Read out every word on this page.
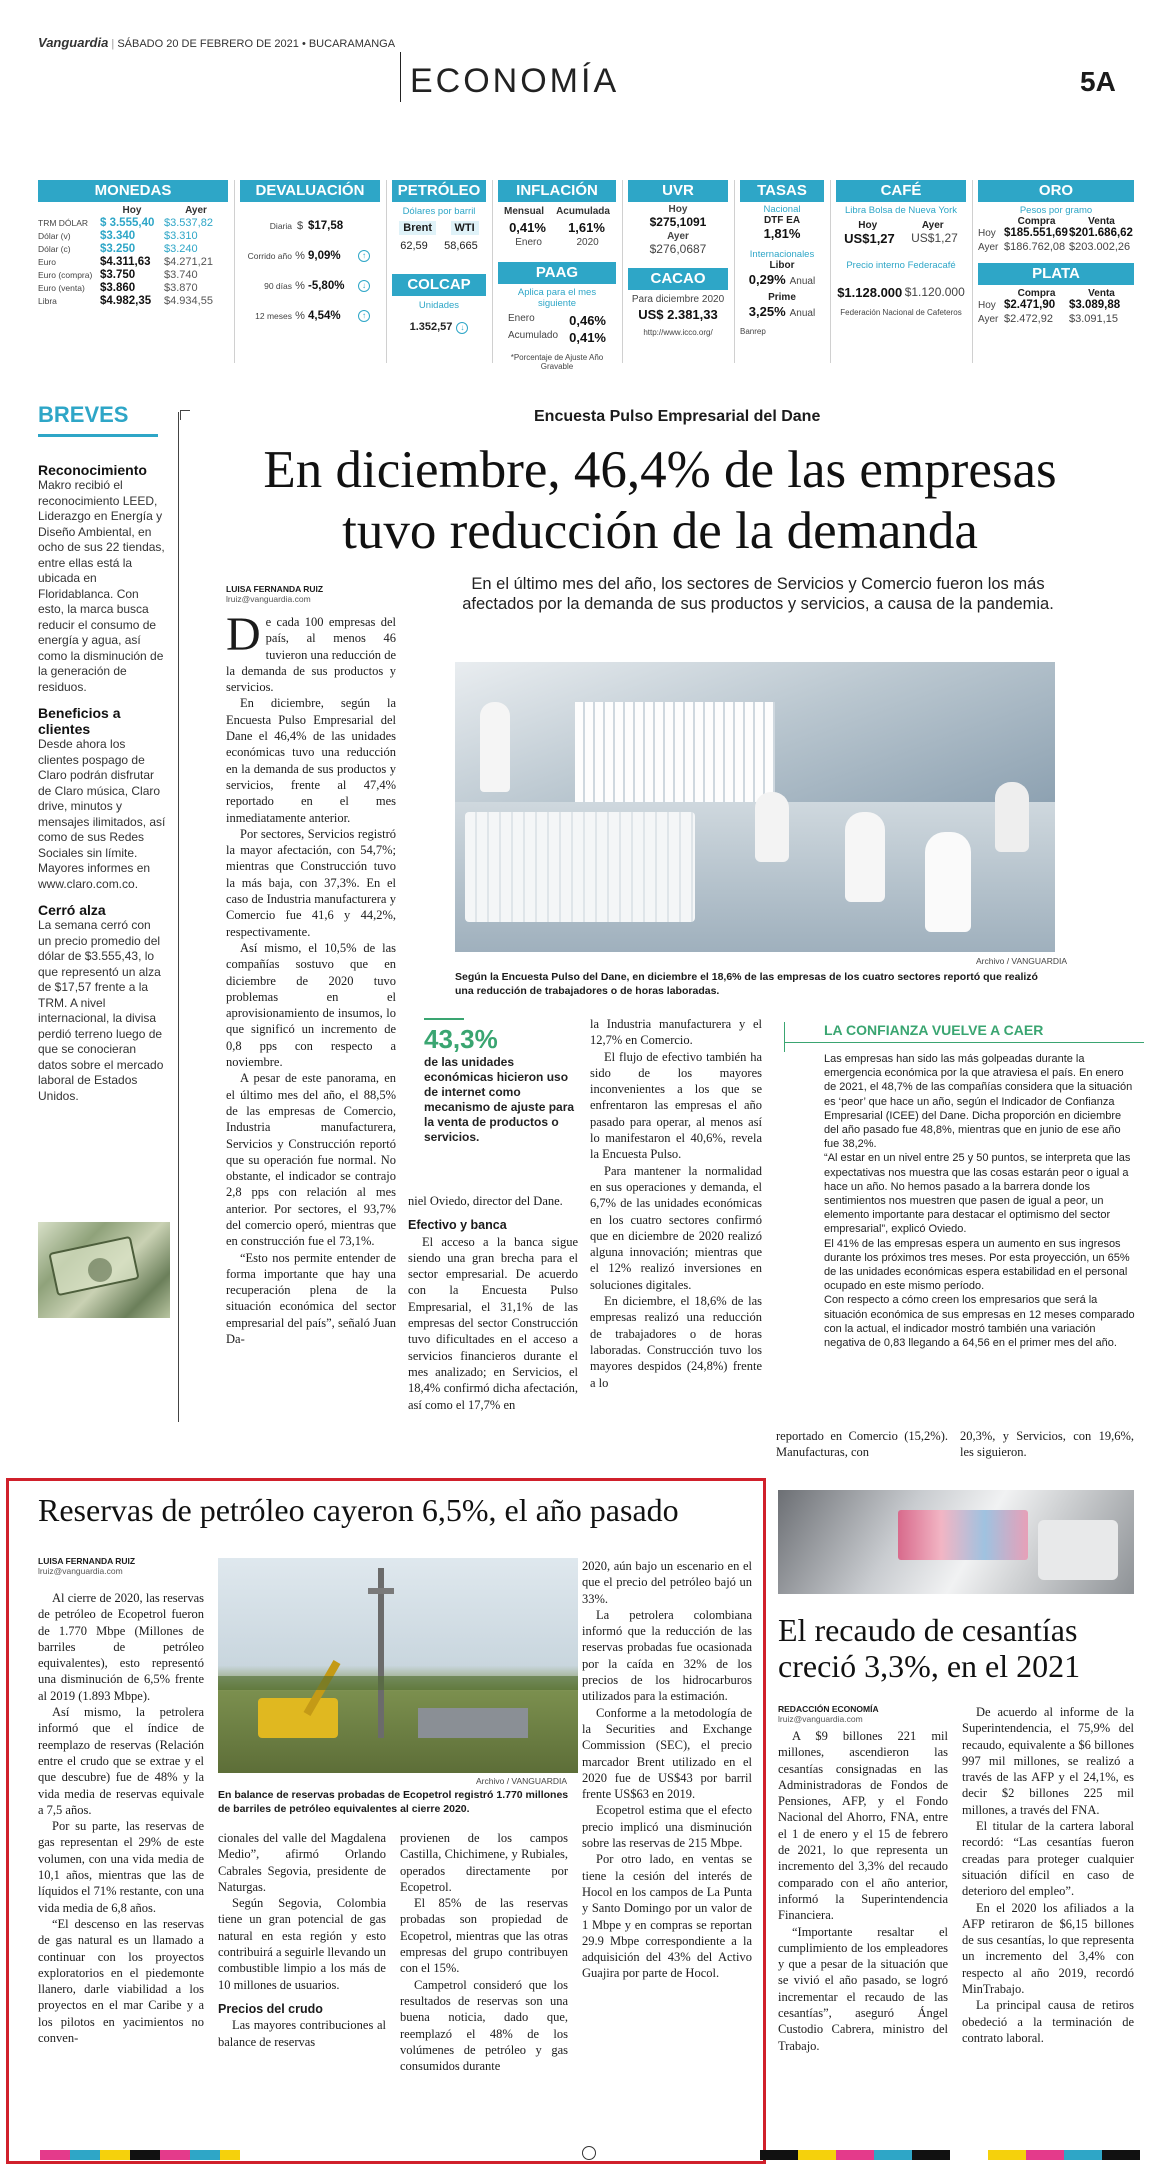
Vanguardia | SÁBADO 20 DE FEBRERO DE 2021 • BUCARAMANGA
ECONOMÍA	5A
MONEDAS
Hoy	Ayer
TRM DÓLAR	$ 3.555,40 $3.537,82
Dólar (v)	$3.340	$3.310
Dólar (c)	$3.250	$3.240
Euro	$4.311,63	$4.271,21
Euro (compra) $3.750	$3.740
Euro (venta)	$3.860	$3.870
Libra	$4.982,35	$4.934,55
DEVALUACIÓN
Diaria $ $17,58
Corrido año % 9,09%	↑
90 días % -5,80%	↓
12 meses % 4,54%	↑
PETRÓLEO
Dólares por barril
Brent	WTI
62,59 58,665
COLCAP
Unidades
1.352,57 ↓
INFLACIÓN
Mensual Acumulada
0,41% 1,61%
Enero	2020
PAAG
Aplica para el mes siguiente
Enero	0,46%
Acumulado 0,41%
*Porcentaje de Ajuste Año Gravable
UVR
Hoy
$275,1091
Ayer
$276,0687
CACAO
Para diciembre 2020
US$ 2.381,33
http://www.icco.org/
TASAS
Nacional
DTF EA
1,81%
Internacionales
Libor
0,29% Anual
Prime
3,25% Anual
Banrep
CAFÉ
Libra Bolsa de Nueva York
Hoy	Ayer
US$1,27 US$1,27
Precio interno Federacafé
$1.128.000 $1.120.000
Federación Nacional de Cafeteros
ORO
Pesos por gramo
Compra	Venta
Hoy $185.551,69 $201.686,62
Ayer $186.762,08 $203.002,26
PLATA
Compra	Venta
Hoy $2.471,90	$3.089,88
Ayer $2.472,92	$3.091,15
BREVES
Reconocimiento

Makro recibió el reconocimiento LEED, Liderazgo en Energía y Diseño Ambiental, en ocho de sus 22 tiendas, entre ellas está la ubicada en Floridablanca. Con esto, la marca busca reducir el consumo de energía y agua, así como la disminución de la generación de residuos.

Beneficios a clientes

Desde ahora los clientes pospago de Claro podrán disfrutar de Claro música, Claro drive, minutos y mensajes ilimitados, así como de sus Redes Sociales sin límite. Mayores informes en www.claro.com.co.

Cerró alza

La semana cerró con un precio promedio del dólar de $3.555,43, lo que representó un alza de $17,57 frente a la TRM. A nivel internacional, la divisa perdió terreno luego de que se conocieran datos sobre el mercado laboral de Estados Unidos.

Encuesta Pulso Empresarial del Dane
En diciembre, 46,4% de las empresas
tuvo reducción de la demanda
En el último mes del año, los sectores de Servicios y Comercio fueron los más afectados por la demanda de sus productos y servicios, a causa de la pandemia.
LUISA FERNANDA RUIZ
lruiz@vanguardia.com

De cada 100 empresas del país, al menos 46 tuvieron una reducción de la demanda de sus productos y servicios.

En diciembre, según la Encuesta Pulso Empresarial del Dane el 46,4% de las unidades económicas tuvo una reducción en la demanda de sus productos y servicios, frente al 47,4% reportado en el mes inmediatamente anterior.

Por sectores, Servicios registró la mayor afectación, con 54,7%; mientras que Construcción tuvo la más baja, con 37,3%. En el caso de Industria manufacturera y Comercio fue 41,6 y 44,2%, respectivamente.

Así mismo, el 10,5% de las compañías sostuvo que en diciembre de 2020 tuvo problemas en el aprovisionamiento de insumos, lo que significó un incremento de 0,8 pps con respecto a noviembre.

A pesar de este panorama, en el último mes del año, el 88,5% de las empresas de Comercio, Industria manufacturera, Servicios y Construcción reportó que su operación fue normal. No obstante, el indicador se contrajo 2,8 pps con relación al mes anterior. Por sectores, el 93,7% del comercio operó, mientras que en construcción fue el 73,1%.

“Esto nos permite entender de forma importante que hay una recuperación plena de la situación económica del sector empresarial del país”, señaló Juan Da-

Archivo / VANGUARDIA
Según la Encuesta Pulso del Dane, en diciembre el 18,6% de las empresas de los cuatro sectores reportó que realizó una reducción de trabajadores o de horas laboradas.
43,3%
de las unidades económicas hicieron uso de internet como mecanismo de ajuste para la venta de productos o servicios.

niel Oviedo, director del Dane.

Efectivo y banca

El acceso a la banca sigue siendo una gran brecha para el sector empresarial. De acuerdo con la Encuesta Pulso Empresarial, el 31,1% de las empresas del sector Construcción tuvo dificultades en el acceso a servicios financieros durante el mes analizado; en Servicios, el 18,4% confirmó dicha afectación, así como el 17,7% en

la Industria manufacturera y el 12,7% en Comercio.

El flujo de efectivo también ha sido de los mayores inconvenientes a los que se enfrentaron las empresas el año pasado para operar, al menos así lo manifestaron el 40,6%, revela la Encuesta Pulso.

Para mantener la normalidad en sus operaciones y demanda, el 6,7% de las unidades económicas en los cuatro sectores confirmó que en diciembre de 2020 realizó alguna innovación; mientras que el 12% realizó inversiones en soluciones digitales.

En diciembre, el 18,6% de las empresas realizó una reducción de trabajadores o de horas laboradas. Construcción tuvo los mayores despidos (24,8%) frente a lo

LA CONFIANZA VUELVE A CAER

Las empresas han sido las más golpeadas durante la emergencia económica por la que atraviesa el país. En enero de 2021, el 48,7% de las compañías considera que la situación es ‘peor’ que hace un año, según el Indicador de Confianza Empresarial (ICEE) del Dane. Dicha proporción en diciembre del año pasado fue 48,8%, mientras que en junio de ese año fue 38,2%.

“Al estar en un nivel entre 25 y 50 puntos, se interpreta que las expectativas nos muestra que las cosas estarán peor o igual a hace un año. No hemos pasado a la barrera donde los sentimientos nos muestren que pasen de igual a peor, un elemento importante para destacar el optimismo del sector empresarial”, explicó Oviedo.

El 41% de las empresas espera un aumento en sus ingresos durante los próximos tres meses. Por esta proyección, un 65% de las unidades económicas espera estabilidad en el personal ocupado en este mismo período.

Con respecto a cómo creen los empresarios que será la situación económica de sus empresas en 12 meses comparado con la actual, el indicador mostró también una variación negativa de 0,83 llegando a 64,56 en el primer mes del año.

reportado en Comercio (15,2%). Manufacturas, con

20,3%, y Servicios, con 19,6%, les siguieron.

Reservas de petróleo cayeron 6,5%, el año pasado
LUISA FERNANDA RUIZ
lruiz@vanguardia.com

Al cierre de 2020, las reservas de petróleo de Ecopetrol fueron de 1.770 Mbpe (Millones de barriles de petróleo equivalentes), esto representó una disminución de 6,5% frente al 2019 (1.893 Mbpe).

Así mismo, la petrolera informó que el índice de reemplazo de reservas (Relación entre el crudo que se extrae y el que descubre) fue de 48% y la vida media de reservas equivale a 7,5 años.

Por su parte, las reservas de gas representan el 29% de este volumen, con una vida media de 10,1 años, mientras que las de líquidos el 71% restante, con una vida media de 6,8 años.

“El descenso en las reservas de gas natural es un llamado a continuar con los proyectos exploratorios en el piedemonte llanero, darle viabilidad a los proyectos en el mar Caribe y a los pilotos en yacimientos no conven-

Archivo / VANGUARDIA
En balance de reservas probadas de Ecopetrol registró 1.770 millones de barriles de petróleo equivalentes al cierre 2020.

cionales del valle del Magdalena Medio”, afirmó Orlando Cabrales Segovia, presidente de Naturgas.

Según Segovia, Colombia tiene un gran potencial de gas natural en esta región y esto contribuirá a seguirle llevando un combustible limpio a los más de 10 millones de usuarios.

Precios del crudo

Las mayores contribuciones al balance de reservas

provienen de los campos Castilla, Chichimene, y Rubiales, operados directamente por Ecopetrol.

El 85% de las reservas probadas son propiedad de Ecopetrol, mientras que las otras empresas del grupo contribuyen con el 15%.

Campetrol consideró que los resultados de reservas son una buena noticia, dado que, reemplazó el 48% de los volúmenes de petróleo y gas consumidos durante

2020, aún bajo un escenario en el que el precio del petróleo bajó un 33%.

La petrolera colombiana informó que la reducción de las reservas probadas fue ocasionada por la caída en 32% de los precios de los hidrocarburos utilizados para la estimación.

Conforme a la metodología de la Securities and Exchange Commission (SEC), el precio marcador Brent utilizado en el 2020 fue de US$43 por barril frente US$63 en 2019.

Ecopetrol estima que el efecto precio implicó una disminución sobre las reservas de 215 Mbpe.

Por otro lado, en ventas se tiene la cesión del interés de Hocol en los campos de La Punta y Santo Domingo por un valor de 1 Mbpe y en compras se reportan 29.9 Mbpe correspondiente a la adquisición del 43% del Activo Guajira por parte de Hocol.

El recaudo de cesantías
creció 3,3%, en el 2021
REDACCIÓN ECONOMÍA
lruiz@vanguardia.com

A $9 billones 221 mil millones, ascendieron las cesantías consignadas en las Administradoras de Fondos de Pensiones, AFP, y el Fondo Nacional del Ahorro, FNA, entre el 1 de enero y el 15 de febrero de 2021, lo que representa un incremento del 3,3% del recaudo comparado con el año anterior, informó la Superintendencia Financiera.

“Importante resaltar el cumplimiento de los empleadores y que a pesar de la situación que se vivió el año pasado, se logró incrementar el recaudo de las cesantías”, aseguró Ángel Custodio Cabrera, ministro del Trabajo.

De acuerdo al informe de la Superintendencia, el 75,9% del recaudo, equivalente a $6 billones 997 mil millones, se realizó a través de las AFP y el 24,1%, es decir $2 billones 225 mil millones, a través del FNA.

El titular de la cartera laboral recordó: “Las cesantías fueron creadas para proteger cualquier situación difícil en caso de deterioro del empleo”.

En el 2020 los afiliados a la AFP retiraron de $6,15 billones de sus cesantías, lo que representa un incremento del 3,4% con respecto al año 2019, recordó MinTrabajo.

La principal causa de retiros obedeció a la terminación de contrato laboral.
